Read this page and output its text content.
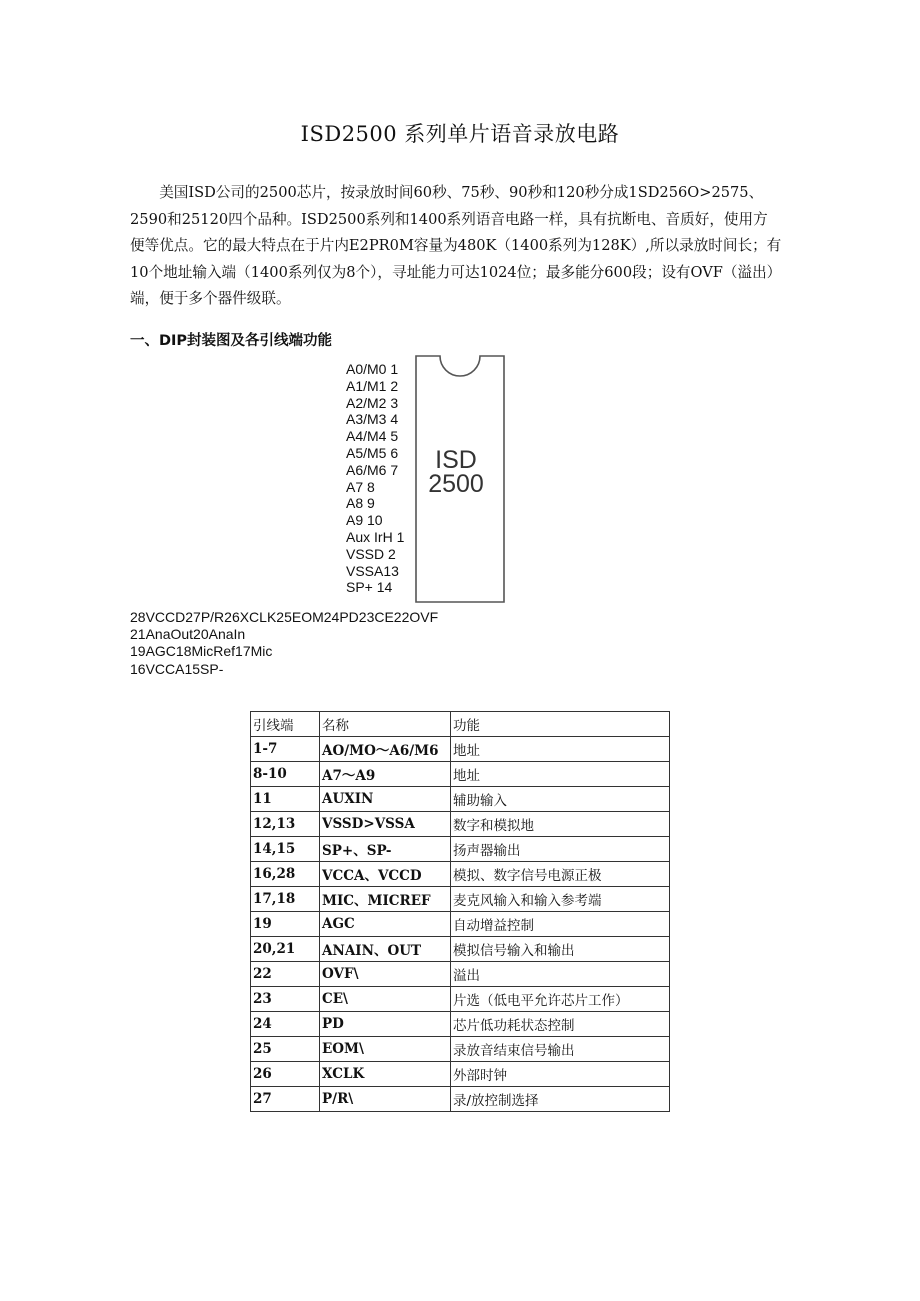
ISD2500 系列单片语音录放电路

美国ISD公司的2500芯片，按录放时间60秒、75秒、90秒和120秒分成1SD256O>2575、2590和25120四个品种。ISD2500系列和1400系列语音电路一样，具有抗断电、音质好，使用方便等优点。它的最大特点在于片内E2PR0M容量为480K（1400系列为128K）,所以录放时间长；有10个地址输入端（1400系列仅为8个），寻址能力可达1024位；最多能分600段；设有OVF（溢出）端，便于多个器件级联。

一、DIP封装图及各引线端功能
A0/M0 1
A1/M1 2
A2/M2 3
A3/M3 4
A4/M4 5
A5/M5 6
A6/M6 7
A7 8
A8 9
A9 10
Aux IrH 1
VSSD 2
VSSA13
SP+ 14
ISD
2500
28VCCD27P/R26XCLK25EOM24PD23CE22OVF
21AnaOut20AnaIn
19AGC18MicRef17Mic
16VCCA15SP-
引线端	名称	功能
1-7	AO/MO～A6/M6	地址
8-10	A7～A9	地址
11	AUXIN	辅助输入
12,13	VSSD>VSSA	数字和模拟地
14,15	SP+、SP-	扬声器输出
16,28	VCCA、VCCD	模拟、数字信号电源正极
17,18	MIC、MICREF	麦克风输入和输入参考端
19	AGC	自动增益控制
20,21	ANAIN、OUT	模拟信号输入和输出
22	OVF\	溢出
23	CE\	片选（低电平允许芯片工作）
24	PD	芯片低功耗状态控制
25	EOM\	录放音结束信号输出
26	XCLK	外部时钟
27	P/R\	录/放控制选择
